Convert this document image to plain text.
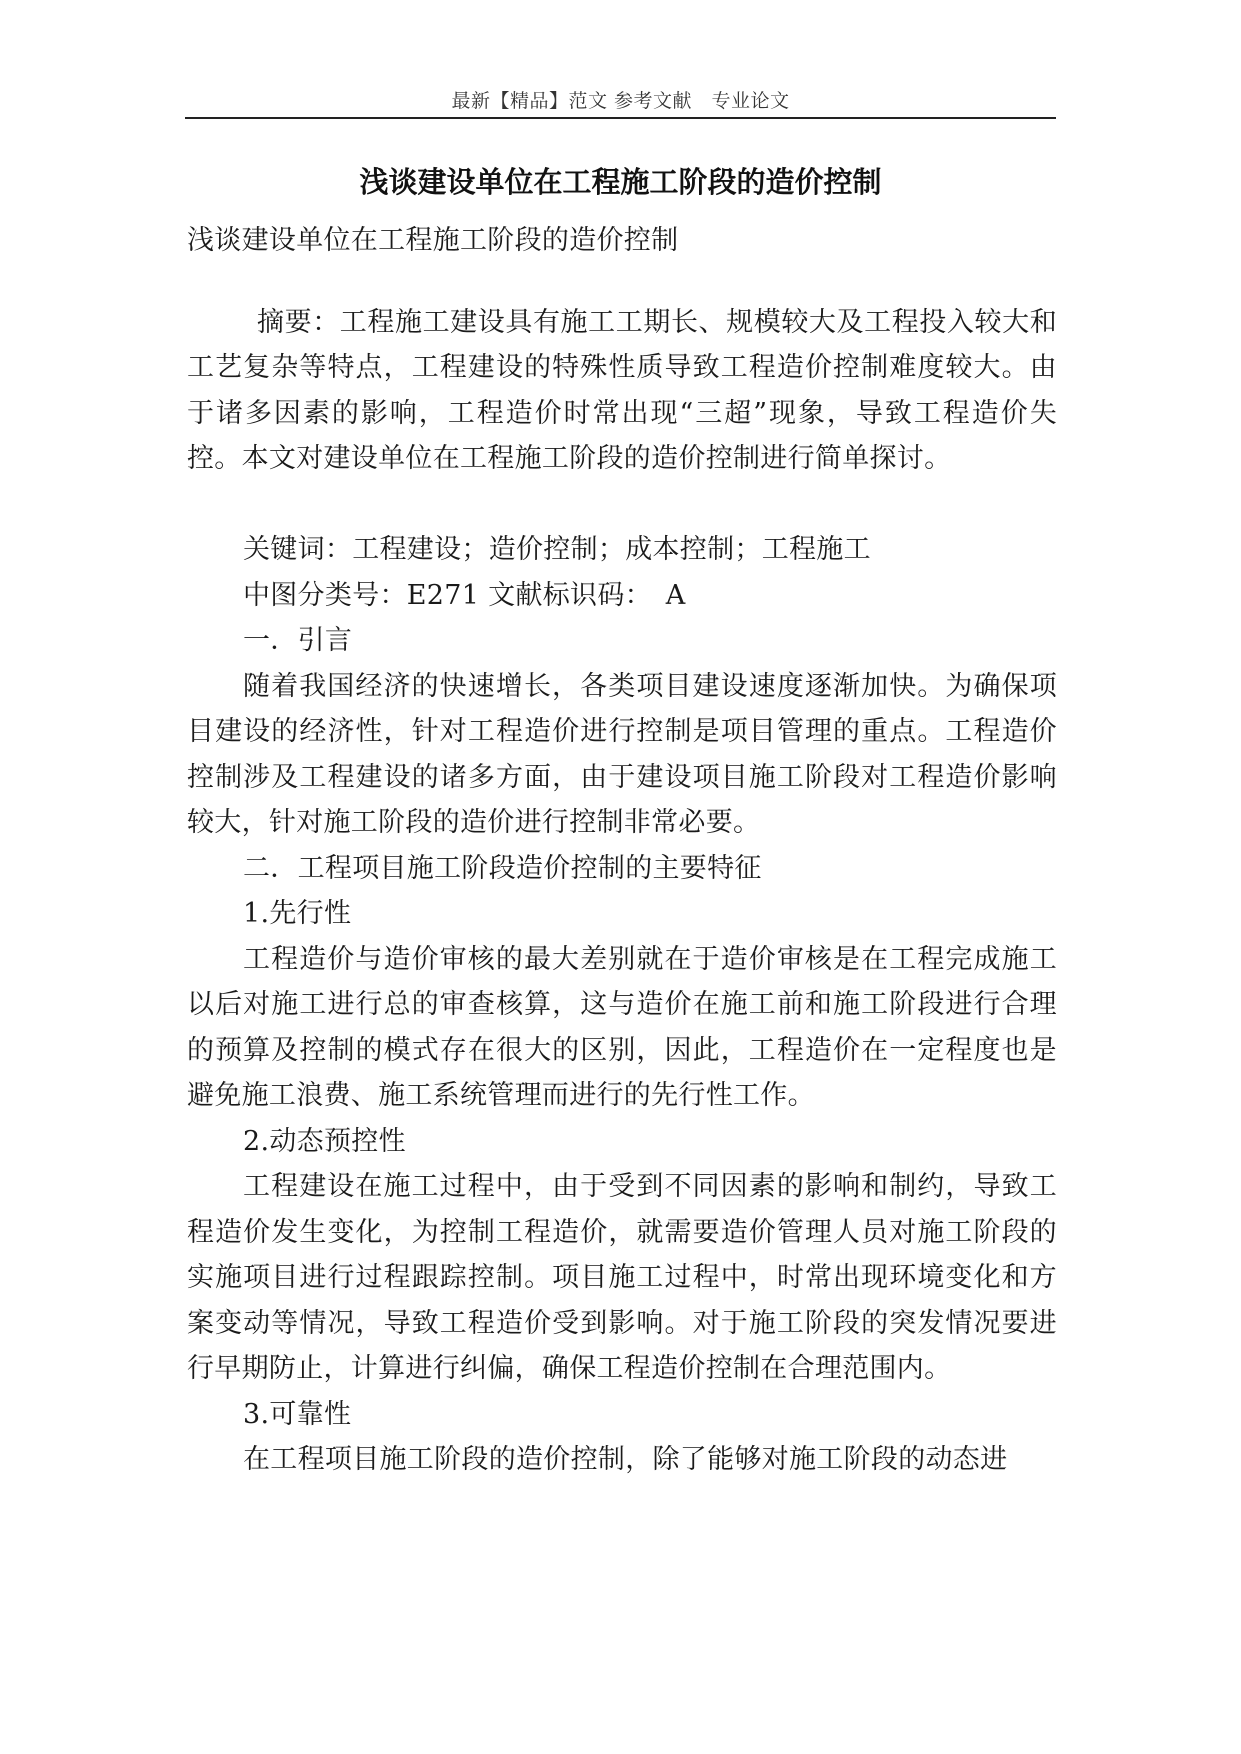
最新【精品】范文 参考文献　专业论文
浅谈建设单位在工程施工阶段的造价控制

浅谈建设单位在工程施工阶段的造价控制

摘要：工程施工建设具有施工工期长、规模较大及工程投入较大和工艺复杂等特点，工程建设的特殊性质导致工程造价控制难度较大。由于诸多因素的影响，工程造价时常出现“三超”现象，导致工程造价失控。本文对建设单位在工程施工阶段的造价控制进行简单探讨。

关键词：工程建设；造价控制；成本控制；工程施工

中图分类号：E271 文献标识码：　A

一．引言

随着我国经济的快速增长，各类项目建设速度逐渐加快。为确保项目建设的经济性，针对工程造价进行控制是项目管理的重点。工程造价控制涉及工程建设的诸多方面，由于建设项目施工阶段对工程造价影响较大，针对施工阶段的造价进行控制非常必要。

二．工程项目施工阶段造价控制的主要特征

1.先行性

工程造价与造价审核的最大差别就在于造价审核是在工程完成施工以后对施工进行总的审查核算，这与造价在施工前和施工阶段进行合理的预算及控制的模式存在很大的区别，因此，工程造价在一定程度也是避免施工浪费、施工系统管理而进行的先行性工作。

2.动态预控性

工程建设在施工过程中，由于受到不同因素的影响和制约，导致工程造价发生变化，为控制工程造价，就需要造价管理人员对施工阶段的实施项目进行过程跟踪控制。项目施工过程中，时常出现环境变化和方案变动等情况，导致工程造价受到影响。对于施工阶段的突发情况要进行早期防止，计算进行纠偏，确保工程造价控制在合理范围内。

3.可靠性

在工程项目施工阶段的造价控制，除了能够对施工阶段的动态进
